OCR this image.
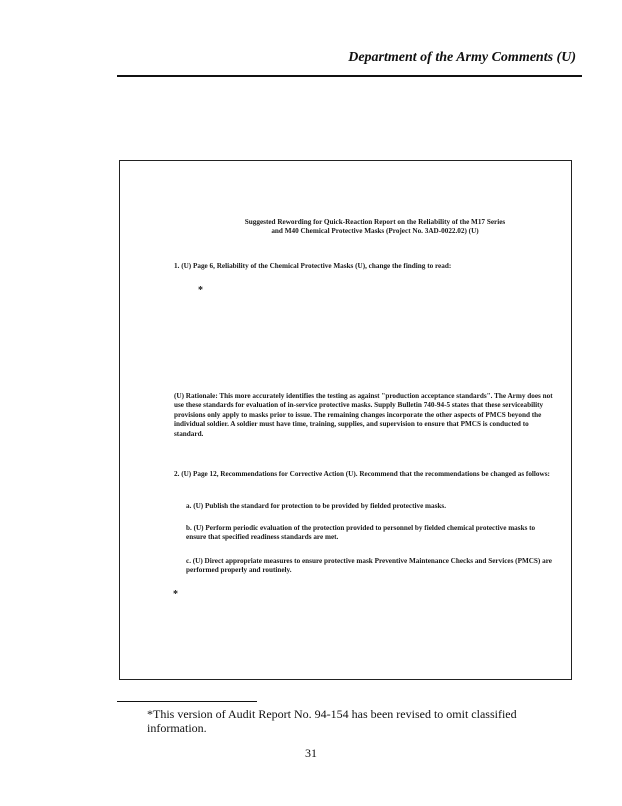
Department of the Army Comments (U)
Suggested Rewording for Quick-Reaction Report on the Reliability of the M17 Series
and M40 Chemical Protective Masks (Project No. 3AD-0022.02) (U)
1. (U) Page 6, Reliability of the Chemical Protective Masks (U), change the finding to read:
*
(U) Rationale: This more accurately identifies the testing as against "production acceptance standards". The Army does not use these standards for evaluation of in-service protective masks. Supply Bulletin 740-94-5 states that these serviceability provisions only apply to masks prior to issue. The remaining changes incorporate the other aspects of PMCS beyond the individual soldier. A soldier must have time, training, supplies, and supervision to ensure that PMCS is conducted to standard.
2. (U) Page 12, Recommendations for Corrective Action (U). Recommend that the recommendations be changed as follows:
a. (U) Publish the standard for protection to be provided by fielded protective masks.
b. (U) Perform periodic evaluation of the protection provided to personnel by fielded chemical protective masks to ensure that specified readiness standards are met.
c. (U) Direct appropriate measures to ensure protective mask Preventive Maintenance Checks and Services (PMCS) are performed properly and routinely.
*
*This version of Audit Report No. 94-154 has been revised to omit classified information.
31
